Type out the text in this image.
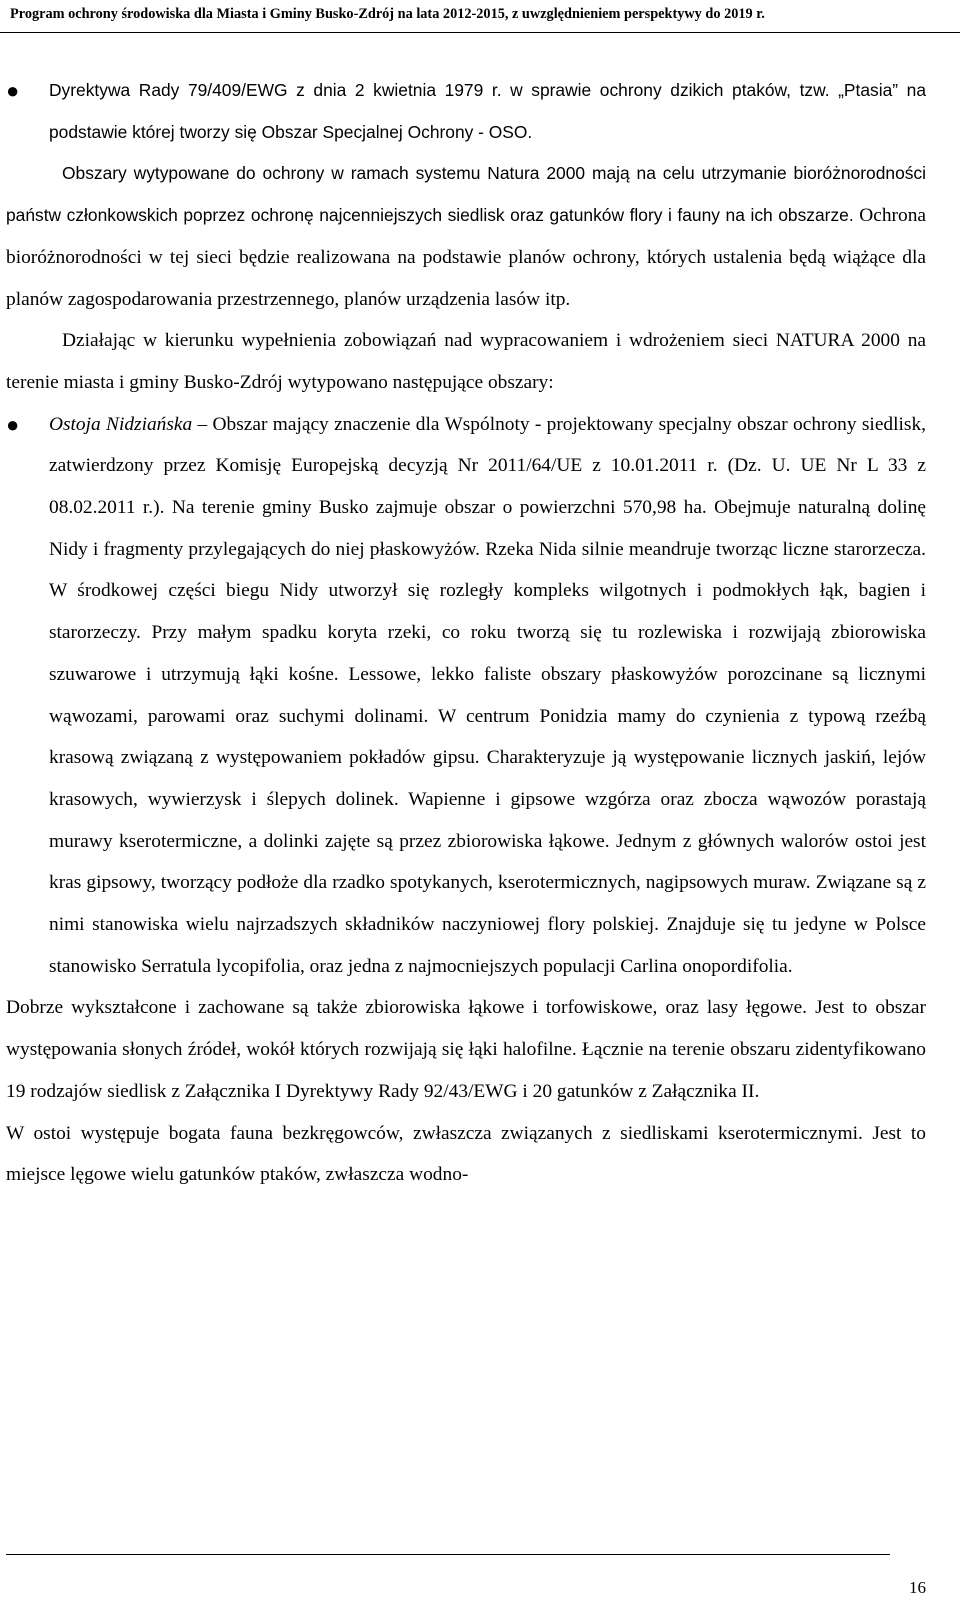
Program ochrony środowiska dla Miasta i Gminy Busko-Zdrój na lata 2012-2015, z uwzględnieniem perspektywy do 2019 r.

● Dyrektywa Rady 79/409/EWG z dnia 2 kwietnia 1979 r. w sprawie ochrony dzikich ptaków, tzw. „Ptasia” na podstawie której tworzy się Obszar Specjalnej Ochrony - OSO.

Obszary wytypowane do ochrony w ramach systemu Natura 2000 mają na celu utrzymanie bioróżnorodności państw członkowskich poprzez ochronę najcenniejszych siedlisk oraz gatunków flory i fauny na ich obszarze. Ochrona bioróżnorodności w tej sieci będzie realizowana na podstawie planów ochrony, których ustalenia będą wiążące dla planów zagospodarowania przestrzennego, planów urządzenia lasów itp.

Działając w kierunku wypełnienia zobowiązań nad wypracowaniem i wdrożeniem sieci NATURA 2000 na terenie miasta i gminy Busko-Zdrój wytypowano następujące obszary:

● Ostoja Nidziańska – Obszar mający znaczenie dla Wspólnoty - projektowany specjalny obszar ochrony siedlisk, zatwierdzony przez Komisję Europejską decyzją Nr 2011/64/UE z 10.01.2011 r. (Dz. U. UE Nr L 33 z 08.02.2011 r.). Na terenie gminy Busko zajmuje obszar o powierzchni 570,98 ha. Obejmuje naturalną dolinę Nidy i fragmenty przylegających do niej płaskowyżów. Rzeka Nida silnie meandruje tworząc liczne starorzecza. W środkowej części biegu Nidy utworzył się rozległy kompleks wilgotnych i podmokłych łąk, bagien i starorzeczy. Przy małym spadku koryta rzeki, co roku tworzą się tu rozlewiska i rozwijają zbiorowiska szuwarowe i utrzymują łąki kośne. Lessowe, lekko faliste obszary płaskowyżów porozcinane są licznymi wąwozami, parowami oraz suchymi dolinami. W centrum Ponidzia mamy do czynienia z typową rzeźbą krasową związaną z występowaniem pokładów gipsu. Charakteryzuje ją występowanie licznych jaskiń, lejów krasowych, wywierzysk i ślepych dolinek. Wapienne i gipsowe wzgórza oraz zbocza wąwozów porastają murawy kserotermiczne, a dolinki zajęte są przez zbiorowiska łąkowe. Jednym z głównych walorów ostoi jest kras gipsowy, tworzący podłoże dla rzadko spotykanych, kserotermicznych, nagipsowych muraw. Związane są z nimi stanowiska wielu najrzadszych składników naczyniowej flory polskiej. Znajduje się tu jedyne w Polsce stanowisko Serratula lycopifolia, oraz jedna z najmocniejszych populacji Carlina onopordifolia.

Dobrze wykształcone i zachowane są także zbiorowiska łąkowe i torfowiskowe, oraz lasy łęgowe. Jest to obszar występowania słonych źródeł, wokół których rozwijają się łąki halofilne. Łącznie na terenie obszaru zidentyfikowano 19 rodzajów siedlisk z Załącznika I Dyrektywy Rady 92/43/EWG i 20 gatunków z Załącznika II.

W ostoi występuje bogata fauna bezkręgowców, zwłaszcza związanych z siedliskami kserotermicznymi. Jest to miejsce lęgowe wielu gatunków ptaków, zwłaszcza wodno-

16
